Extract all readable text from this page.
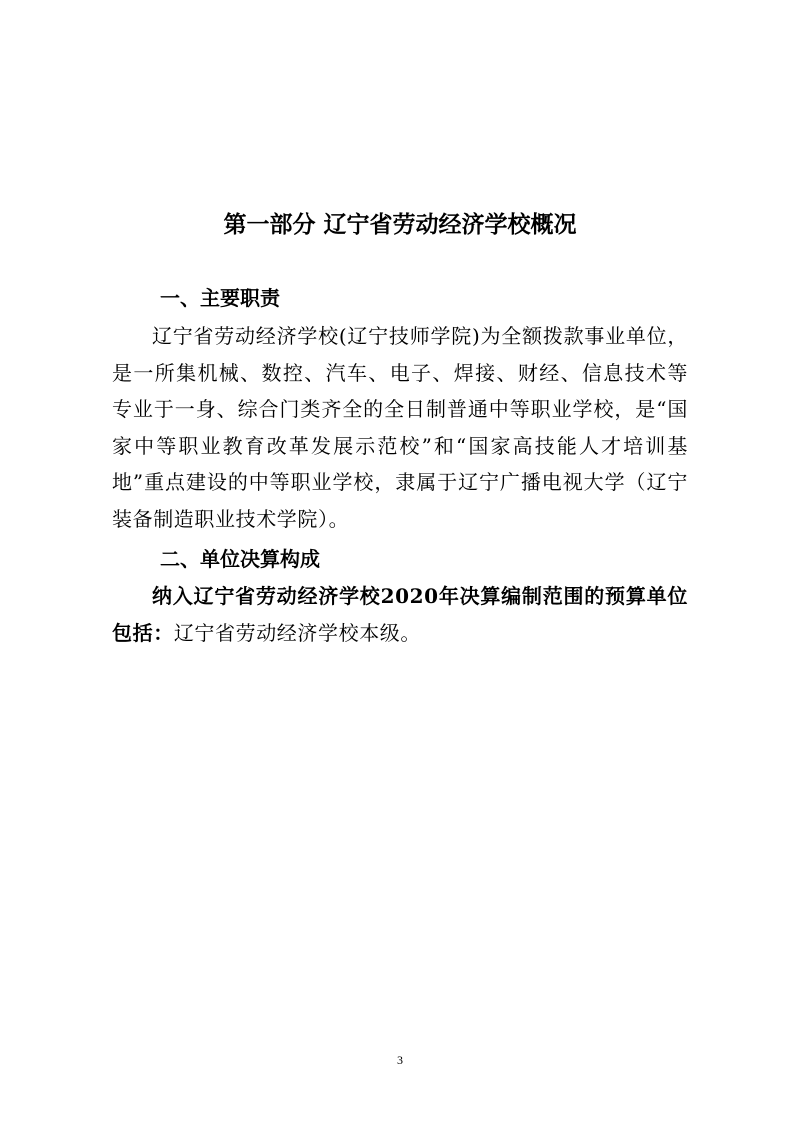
第一部分 辽宁省劳动经济学校概况
一、主要职责

辽宁省劳动经济学校(辽宁技师学院)为全额拨款事业单位，是一所集机械、数控、汽车、电子、焊接、财经、信息技术等专业于一身、综合门类齐全的全日制普通中等职业学校，是“国家中等职业教育改革发展示范校”和“国家高技能人才培训基地”重点建设的中等职业学校，隶属于辽宁广播电视大学（辽宁装备制造职业技术学院）。

二、单位决算构成

纳入辽宁省劳动经济学校2020年决算编制范围的预算单位包括：辽宁省劳动经济学校本级。

3
